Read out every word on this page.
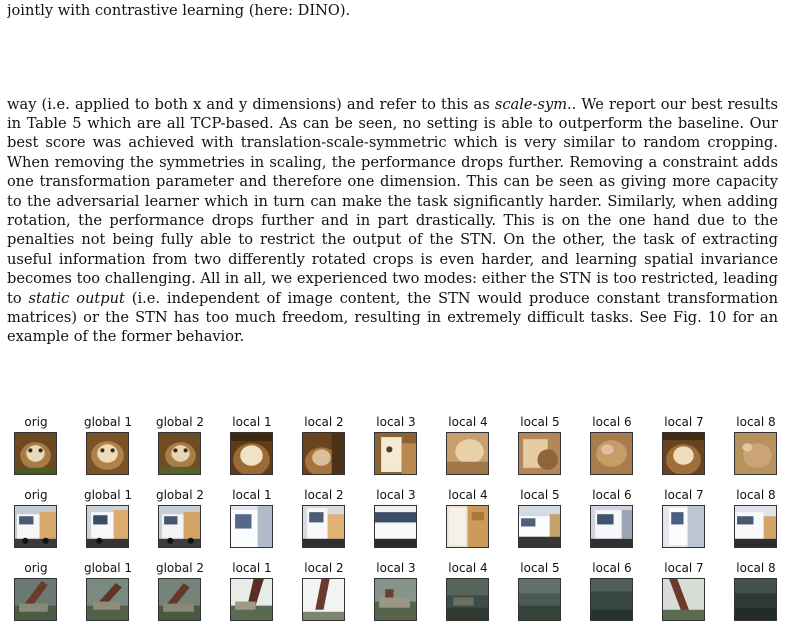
jointly with contrastive learning (here: DINO).

way (i.e. applied to both x and y dimensions) and refer to this as scale-sym.. We report our best results in Table 5 which are all TCP-based. As can be seen, no setting is able to outperform the baseline. Our best score was achieved with translation-scale-symmetric which is very similar to random cropping. When removing the symmetries in scaling, the performance drops further. Removing a constraint adds one transformation parameter and therefore one dimension. This can be seen as giving more capacity to the adversarial learner which in turn can make the task significantly harder. Similarly, when adding rotation, the performance drops further and in part drastically. This is on the one hand due to the penalties not being fully able to restrict the output of the STN. On the other, the task of extracting useful information from two differently rotated crops is even harder, and learning spatial invariance becomes too challenging. All in all, we experienced two modes: either the STN is too restricted, leading to static output (i.e. independent of image content, the STN would produce constant transformation matrices) or the STN has too much freedom, resulting in extremely difficult tasks. See Fig. 10 for an example of the former behavior.

orig	global 1	global 2	local 1	local 2	local 3	local 4	local 5	local 6	local 7	local 8
orig	global 1	global 2	local 1	local 2	local 3	local 4	local 5	local 6	local 7	local 8
orig	global 1	global 2	local 1	local 2	local 3	local 4	local 5	local 6	local 7	local 8
